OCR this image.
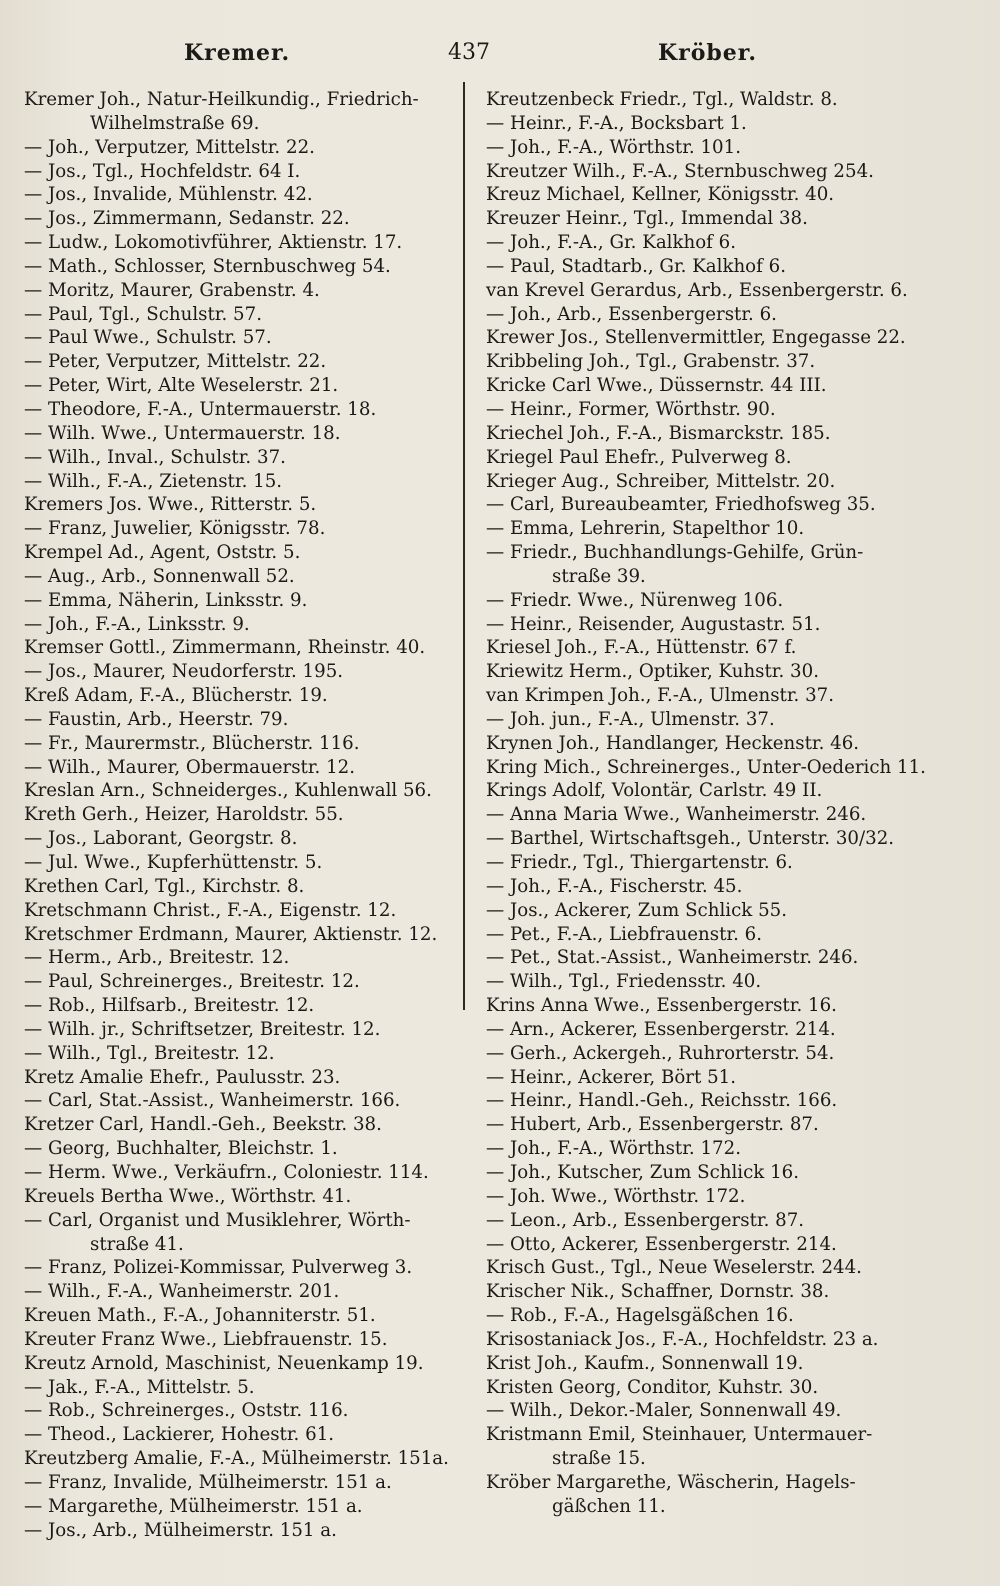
Kremer.	437	Kröber.
Kremer Joh., Natur-Heilkundig., Friedrich-
Wilhelmstraße 69.
— Joh., Verputzer, Mittelstr. 22.
— Jos., Tgl., Hochfeldstr. 64 I.
— Jos., Invalide, Mühlenstr. 42.
— Jos., Zimmermann, Sedanstr. 22.
— Ludw., Lokomotivführer, Aktienstr. 17.
— Math., Schlosser, Sternbuschweg 54.
— Moritz, Maurer, Grabenstr. 4.
— Paul, Tgl., Schulstr. 57.
— Paul Wwe., Schulstr. 57.
— Peter, Verputzer, Mittelstr. 22.
— Peter, Wirt, Alte Weselerstr. 21.
— Theodore, F.-A., Untermauerstr. 18.
— Wilh. Wwe., Untermauerstr. 18.
— Wilh., Inval., Schulstr. 37.
— Wilh., F.-A., Zietenstr. 15.
Kremers Jos. Wwe., Ritterstr. 5.
— Franz, Juwelier, Königsstr. 78.
Krempel Ad., Agent, Oststr. 5.
— Aug., Arb., Sonnenwall 52.
— Emma, Näherin, Linksstr. 9.
— Joh., F.-A., Linksstr. 9.
Kremser Gottl., Zimmermann, Rheinstr. 40.
— Jos., Maurer, Neudorferstr. 195.
Kreß Adam, F.-A., Blücherstr. 19.
— Faustin, Arb., Heerstr. 79.
— Fr., Maurermstr., Blücherstr. 116.
— Wilh., Maurer, Obermauerstr. 12.
Kreslan Arn., Schneiderges., Kuhlenwall 56.
Kreth Gerh., Heizer, Haroldstr. 55.
— Jos., Laborant, Georgstr. 8.
— Jul. Wwe., Kupferhüttenstr. 5.
Krethen Carl, Tgl., Kirchstr. 8.
Kretschmann Christ., F.-A., Eigenstr. 12.
Kretschmer Erdmann, Maurer, Aktienstr. 12.
— Herm., Arb., Breitestr. 12.
— Paul, Schreinerges., Breitestr. 12.
— Rob., Hilfsarb., Breitestr. 12.
— Wilh. jr., Schriftsetzer, Breitestr. 12.
— Wilh., Tgl., Breitestr. 12.
Kretz Amalie Ehefr., Paulusstr. 23.
— Carl, Stat.-Assist., Wanheimerstr. 166.
Kretzer Carl, Handl.-Geh., Beekstr. 38.
— Georg, Buchhalter, Bleichstr. 1.
— Herm. Wwe., Verkäufrn., Coloniestr. 114.
Kreuels Bertha Wwe., Wörthstr. 41.
— Carl, Organist und Musiklehrer, Wörth-
straße 41.
— Franz, Polizei-Kommissar, Pulverweg 3.
— Wilh., F.-A., Wanheimerstr. 201.
Kreuen Math., F.-A., Johanniterstr. 51.
Kreuter Franz Wwe., Liebfrauenstr. 15.
Kreutz Arnold, Maschinist, Neuenkamp 19.
— Jak., F.-A., Mittelstr. 5.
— Rob., Schreinerges., Oststr. 116.
— Theod., Lackierer, Hohestr. 61.
Kreutzberg Amalie, F.-A., Mülheimerstr. 151a.
— Franz, Invalide, Mülheimerstr. 151 a.
— Margarethe, Mülheimerstr. 151 a.
— Jos., Arb., Mülheimerstr. 151 a.
Kreutzenbeck Friedr., Tgl., Waldstr. 8.
— Heinr., F.-A., Bocksbart 1.
— Joh., F.-A., Wörthstr. 101.
Kreutzer Wilh., F.-A., Sternbuschweg 254.
Kreuz Michael, Kellner, Königsstr. 40.
Kreuzer Heinr., Tgl., Immendal 38.
— Joh., F.-A., Gr. Kalkhof 6.
— Paul, Stadtarb., Gr. Kalkhof 6.
van Krevel Gerardus, Arb., Essenbergerstr. 6.
— Joh., Arb., Essenbergerstr. 6.
Krewer Jos., Stellenvermittler, Engegasse 22.
Kribbeling Joh., Tgl., Grabenstr. 37.
Kricke Carl Wwe., Düssernstr. 44 III.
— Heinr., Former, Wörthstr. 90.
Kriechel Joh., F.-A., Bismarckstr. 185.
Kriegel Paul Ehefr., Pulverweg 8.
Krieger Aug., Schreiber, Mittelstr. 20.
— Carl, Bureaubeamter, Friedhofsweg 35.
— Emma, Lehrerin, Stapelthor 10.
— Friedr., Buchhandlungs-Gehilfe, Grün-
straße 39.
— Friedr. Wwe., Nürenweg 106.
— Heinr., Reisender, Augustastr. 51.
Kriesel Joh., F.-A., Hüttenstr. 67 f.
Kriewitz Herm., Optiker, Kuhstr. 30.
van Krimpen Joh., F.-A., Ulmenstr. 37.
— Joh. jun., F.-A., Ulmenstr. 37.
Krynen Joh., Handlanger, Heckenstr. 46.
Kring Mich., Schreinerges., Unter-Oederich 11.
Krings Adolf, Volontär, Carlstr. 49 II.
— Anna Maria Wwe., Wanheimerstr. 246.
— Barthel, Wirtschaftsgeh., Unterstr. 30/32.
— Friedr., Tgl., Thiergartenstr. 6.
— Joh., F.-A., Fischerstr. 45.
— Jos., Ackerer, Zum Schlick 55.
— Pet., F.-A., Liebfrauenstr. 6.
— Pet., Stat.-Assist., Wanheimerstr. 246.
— Wilh., Tgl., Friedensstr. 40.
Krins Anna Wwe., Essenbergerstr. 16.
— Arn., Ackerer, Essenbergerstr. 214.
— Gerh., Ackergeh., Ruhrorterstr. 54.
— Heinr., Ackerer, Bört 51.
— Heinr., Handl.-Geh., Reichsstr. 166.
— Hubert, Arb., Essenbergerstr. 87.
— Joh., F.-A., Wörthstr. 172.
— Joh., Kutscher, Zum Schlick 16.
— Joh. Wwe., Wörthstr. 172.
— Leon., Arb., Essenbergerstr. 87.
— Otto, Ackerer, Essenbergerstr. 214.
Krisch Gust., Tgl., Neue Weselerstr. 244.
Krischer Nik., Schaffner, Dornstr. 38.
— Rob., F.-A., Hagelsgäßchen 16.
Krisostaniack Jos., F.-A., Hochfeldstr. 23 a.
Krist Joh., Kaufm., Sonnenwall 19.
Kristen Georg, Conditor, Kuhstr. 30.
— Wilh., Dekor.-Maler, Sonnenwall 49.
Kristmann Emil, Steinhauer, Untermauer-
straße 15.
Kröber Margarethe, Wäscherin, Hagels-
gäßchen 11.
